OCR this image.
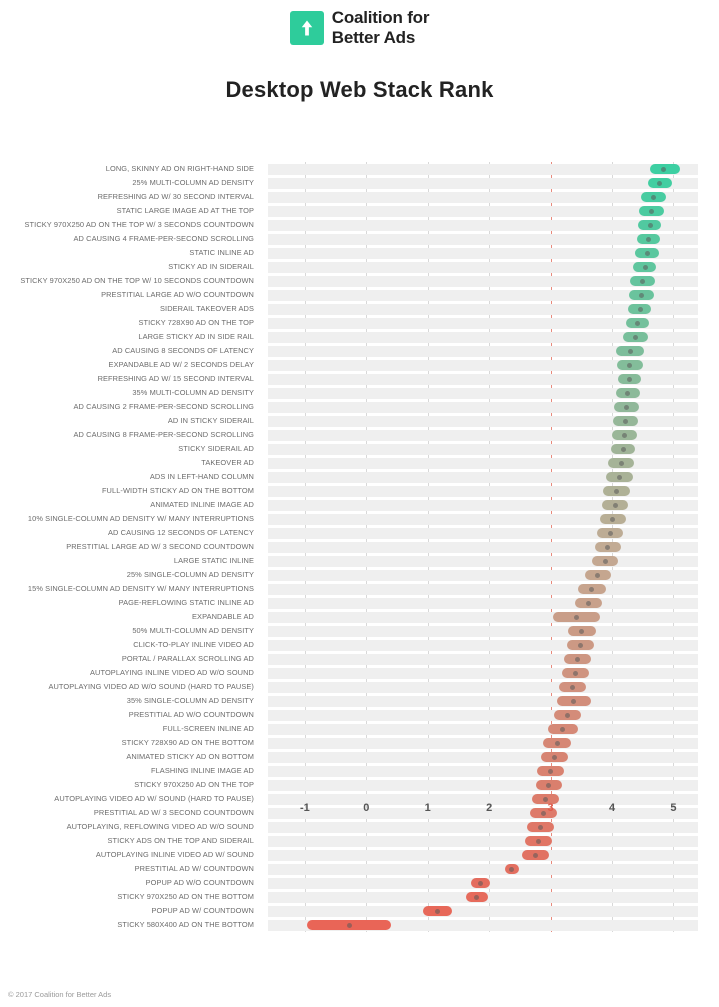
Coalition for
Better Ads
Desktop Web Stack Rank
LONG, SKINNY AD ON RIGHT-HAND SIDE
25% MULTI-COLUMN AD DENSITY
REFRESHING AD W/ 30 SECOND INTERVAL
STATIC LARGE IMAGE AD AT THE TOP
STICKY 970X250 AD ON THE TOP W/ 3 SECONDS COUNTDOWN
AD CAUSING 4 FRAME-PER-SECOND SCROLLING
STATIC INLINE AD
STICKY AD IN SIDERAIL
STICKY 970X250 AD ON THE TOP W/ 10 SECONDS COUNTDOWN
PRESTITIAL LARGE AD W/O COUNTDOWN
SIDERAIL TAKEOVER ADS
STICKY 728X90 AD ON THE TOP
LARGE STICKY AD IN SIDE RAIL
AD CAUSING 8 SECONDS OF LATENCY
EXPANDABLE AD W/ 2 SECONDS DELAY
REFRESHING AD W/ 15 SECOND INTERVAL
35% MULTI-COLUMN AD DENSITY
AD CAUSING 2 FRAME-PER-SECOND SCROLLING
AD IN STICKY SIDERAIL
AD CAUSING 8 FRAME-PER-SECOND SCROLLING
STICKY SIDERAIL AD
TAKEOVER AD
ADS IN LEFT-HAND COLUMN
FULL-WIDTH STICKY AD ON THE BOTTOM
ANIMATED INLINE IMAGE AD
10% SINGLE-COLUMN AD DENSITY W/ MANY INTERRUPTIONS
AD CAUSING 12 SECONDS OF LATENCY
PRESTITIAL LARGE AD W/ 3 SECOND COUNTDOWN
LARGE STATIC INLINE
25% SINGLE-COLUMN AD DENSITY
15% SINGLE-COLUMN AD DENSITY W/ MANY INTERRUPTIONS
PAGE-REFLOWING STATIC INLINE AD
EXPANDABLE AD
50% MULTI-COLUMN AD DENSITY
CLICK-TO-PLAY INLINE VIDEO AD
PORTAL / PARALLAX SCROLLING AD
AUTOPLAYING INLINE VIDEO AD W/O SOUND
AUTOPLAYING VIDEO AD W/O SOUND (HARD TO PAUSE)
35% SINGLE-COLUMN AD DENSITY
PRESTITIAL AD W/O COUNTDOWN
FULL-SCREEN INLINE AD
STICKY 728X90 AD ON THE BOTTOM
ANIMATED STICKY AD ON BOTTOM
FLASHING INLINE IMAGE AD
STICKY 970X250 AD ON THE TOP
AUTOPLAYING VIDEO AD W/ SOUND (HARD TO PAUSE)
PRESTITIAL AD W/ 3 SECOND COUNTDOWN
AUTOPLAYING, REFLOWING VIDEO AD W/O SOUND
STICKY ADS ON THE TOP AND SIDERAIL
AUTOPLAYING INLINE VIDEO AD W/ SOUND
PRESTITIAL AD W/ COUNTDOWN
POPUP AD W/O COUNTDOWN
STICKY 970X250 AD ON THE BOTTOM
POPUP AD W/ COUNTDOWN
STICKY 580X400 AD ON THE BOTTOM
-1	0	1	2	3	4	5
© 2017 Coalition for Better Ads
